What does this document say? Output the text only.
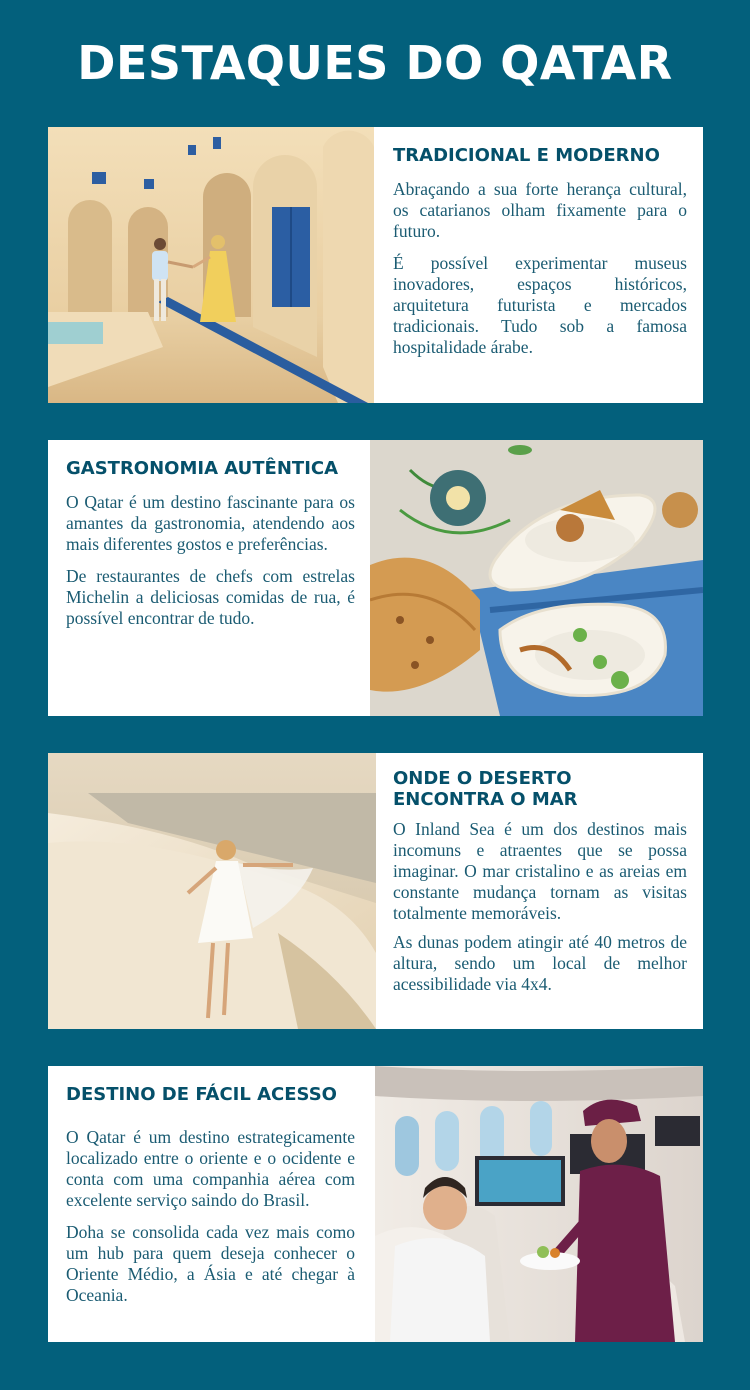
DESTAQUES DO QATAR
TRADICIONAL E MODERNO

Abraçando a sua forte herança cultural, os catarianos olham fixamente para o futuro.

É possível experimentar museus inovadores, espaços históricos, arquitetura futurista e mercados tradicionais. Tudo sob a famosa hospitalidade árabe.

GASTRONOMIA AUTÊNTICA

O Qatar é um destino fascinante para os amantes da gastronomia, atendendo aos mais diferentes gostos e preferências.

De restaurantes de chefs com estrelas Michelin a deliciosas comidas de rua, é possível encontrar de tudo.

ONDE O DESERTO ENCONTRA O MAR

O Inland Sea é um dos destinos mais incomuns e atraentes que se possa imaginar. O mar cristalino e as areias em constante mudança tornam as visitas totalmente memoráveis.

As dunas podem atingir até 40 metros de altura, sendo um local de melhor acessibilidade via 4x4.

DESTINO DE FÁCIL ACESSO

O Qatar é um destino estrategicamente localizado entre o oriente e o ocidente e conta com uma companhia aérea com excelente serviço saindo do Brasil.

Doha se consolida cada vez mais como um hub para quem deseja conhecer o Oriente Médio, a Ásia e até chegar à Oceania.
